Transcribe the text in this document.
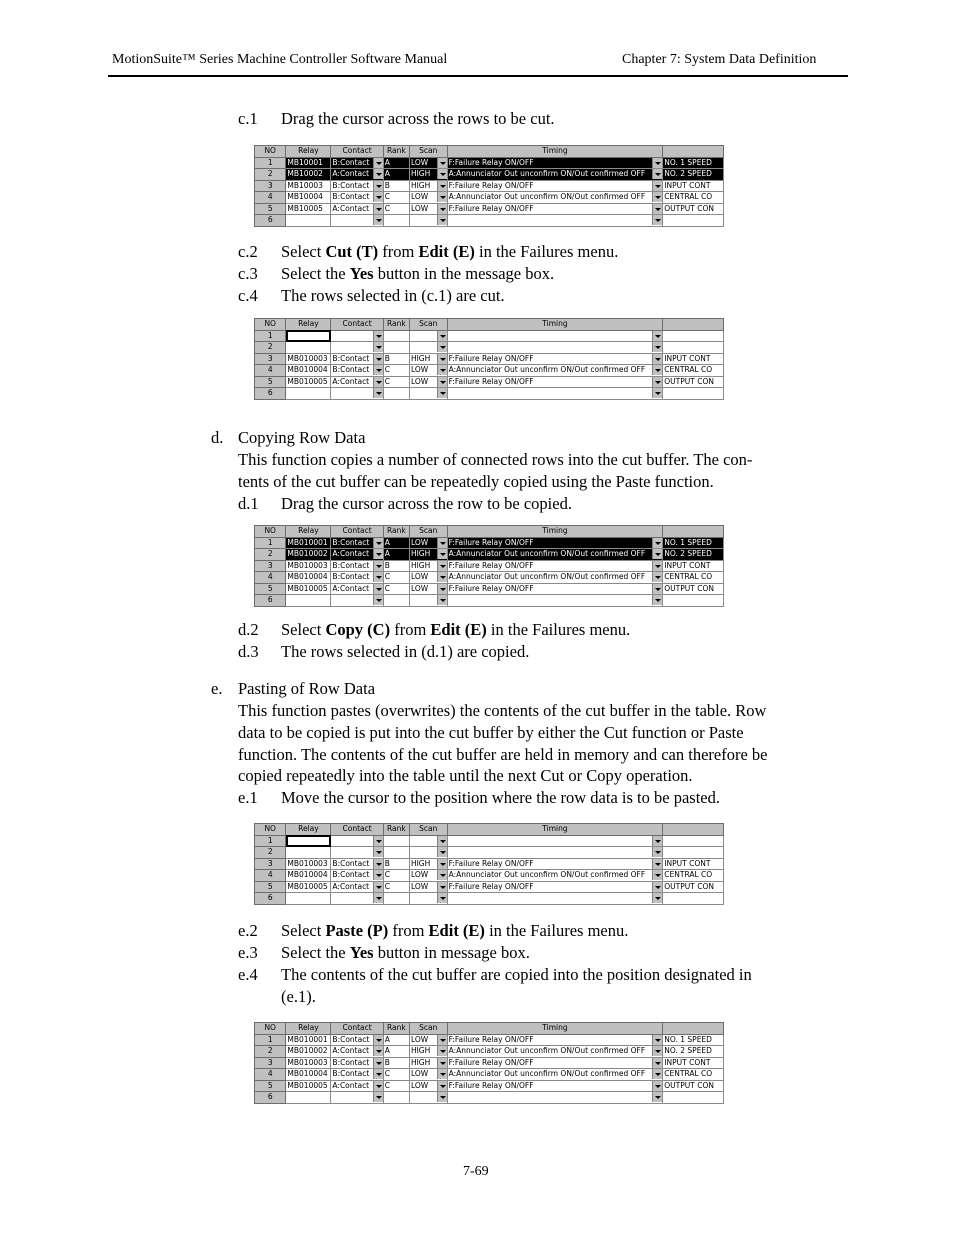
MotionSuite™ Series Machine Controller Software Manual	Chapter 7: System Data Definition
c.1 Drag the cursor across the rows to be cut.
NO	Relay	Contact	Rank	Scan	Timing	
1	MB10001	B:Contact	A	LOW	F:Failure Relay ON/OFF	NO. 1 SPEED
2	MB10002	A:Contact	A	HIGH	A:Annunciator Out unconfirm ON/Out confirmed OFF	NO. 2 SPEED
3	MB10003	B:Contact	B	HIGH	F:Failure Relay ON/OFF	INPUT CONT
4	MB10004	B:Contact	C	LOW	A:Annunciator Out unconfirm ON/Out confirmed OFF	CENTRAL CO
5	MB10005	A:Contact	C	LOW	F:Failure Relay ON/OFF	OUTPUT CON
6		

c.2 Select Cut (T) from Edit (E) in the Failures menu.
c.3 Select the Yes button in the message box.
c.4 The rows selected in (c.1) are cut.
NO	Relay	Contact	Rank	Scan	Timing	
1		

2		

3	MB010003	B:Contact	B	HIGH	F:Failure Relay ON/OFF	INPUT CONT
4	MB010004	B:Contact	C	LOW	A:Annunciator Out unconfirm ON/Out confirmed OFF	CENTRAL CO
5	MB010005	A:Contact	C	LOW	F:Failure Relay ON/OFF	OUTPUT CON
6		

d. Copying Row Data
This function copies a number of connected rows into the cut buffer. The con-
tents of the cut buffer can be repeatedly copied using the Paste function.
d.1 Drag the cursor across the row to be copied.
NO	Relay	Contact	Rank	Scan	Timing	
1	MB010001	B:Contact	A	LOW	F:Failure Relay ON/OFF	NO. 1 SPEED
2	MB010002	A:Contact	A	HIGH	A:Annunciator Out unconfirm ON/Out confirmed OFF	NO. 2 SPEED
3	MB010003	B:Contact	B	HIGH	F:Failure Relay ON/OFF	INPUT CONT
4	MB010004	B:Contact	C	LOW	A:Annunciator Out unconfirm ON/Out confirmed OFF	CENTRAL CO
5	MB010005	A:Contact	C	LOW	F:Failure Relay ON/OFF	OUTPUT CON
6		

d.2 Select Copy (C) from Edit (E) in the Failures menu.
d.3 The rows selected in (d.1) are copied.
e. Pasting of Row Data
This function pastes (overwrites) the contents of the cut buffer in the table. Row
data to be copied is put into the cut buffer by either the Cut function or Paste
function. The contents of the cut buffer are held in memory and can therefore be
copied repeatedly into the table until the next Cut or Copy operation.
e.1 Move the cursor to the position where the row data is to be pasted.
NO	Relay	Contact	Rank	Scan	Timing	
1		

2		

3	MB010003	B:Contact	B	HIGH	F:Failure Relay ON/OFF	INPUT CONT
4	MB010004	B:Contact	C	LOW	A:Annunciator Out unconfirm ON/Out confirmed OFF	CENTRAL CO
5	MB010005	A:Contact	C	LOW	F:Failure Relay ON/OFF	OUTPUT CON
6		

e.2 Select Paste (P) from Edit (E) in the Failures menu.
e.3 Select the Yes button in message box.
e.4 The contents of the cut buffer are copied into the position designated in
(e.1).
NO	Relay	Contact	Rank	Scan	Timing	
1	MB010001	B:Contact	A	LOW	F:Failure Relay ON/OFF	NO. 1 SPEED
2	MB010002	A:Contact	A	HIGH	A:Annunciator Out unconfirm ON/Out confirmed OFF	NO. 2 SPEED
3	MB010003	B:Contact	B	HIGH	F:Failure Relay ON/OFF	INPUT CONT
4	MB010004	B:Contact	C	LOW	A:Annunciator Out unconfirm ON/Out confirmed OFF	CENTRAL CO
5	MB010005	A:Contact	C	LOW	F:Failure Relay ON/OFF	OUTPUT CON
6		

7-69
